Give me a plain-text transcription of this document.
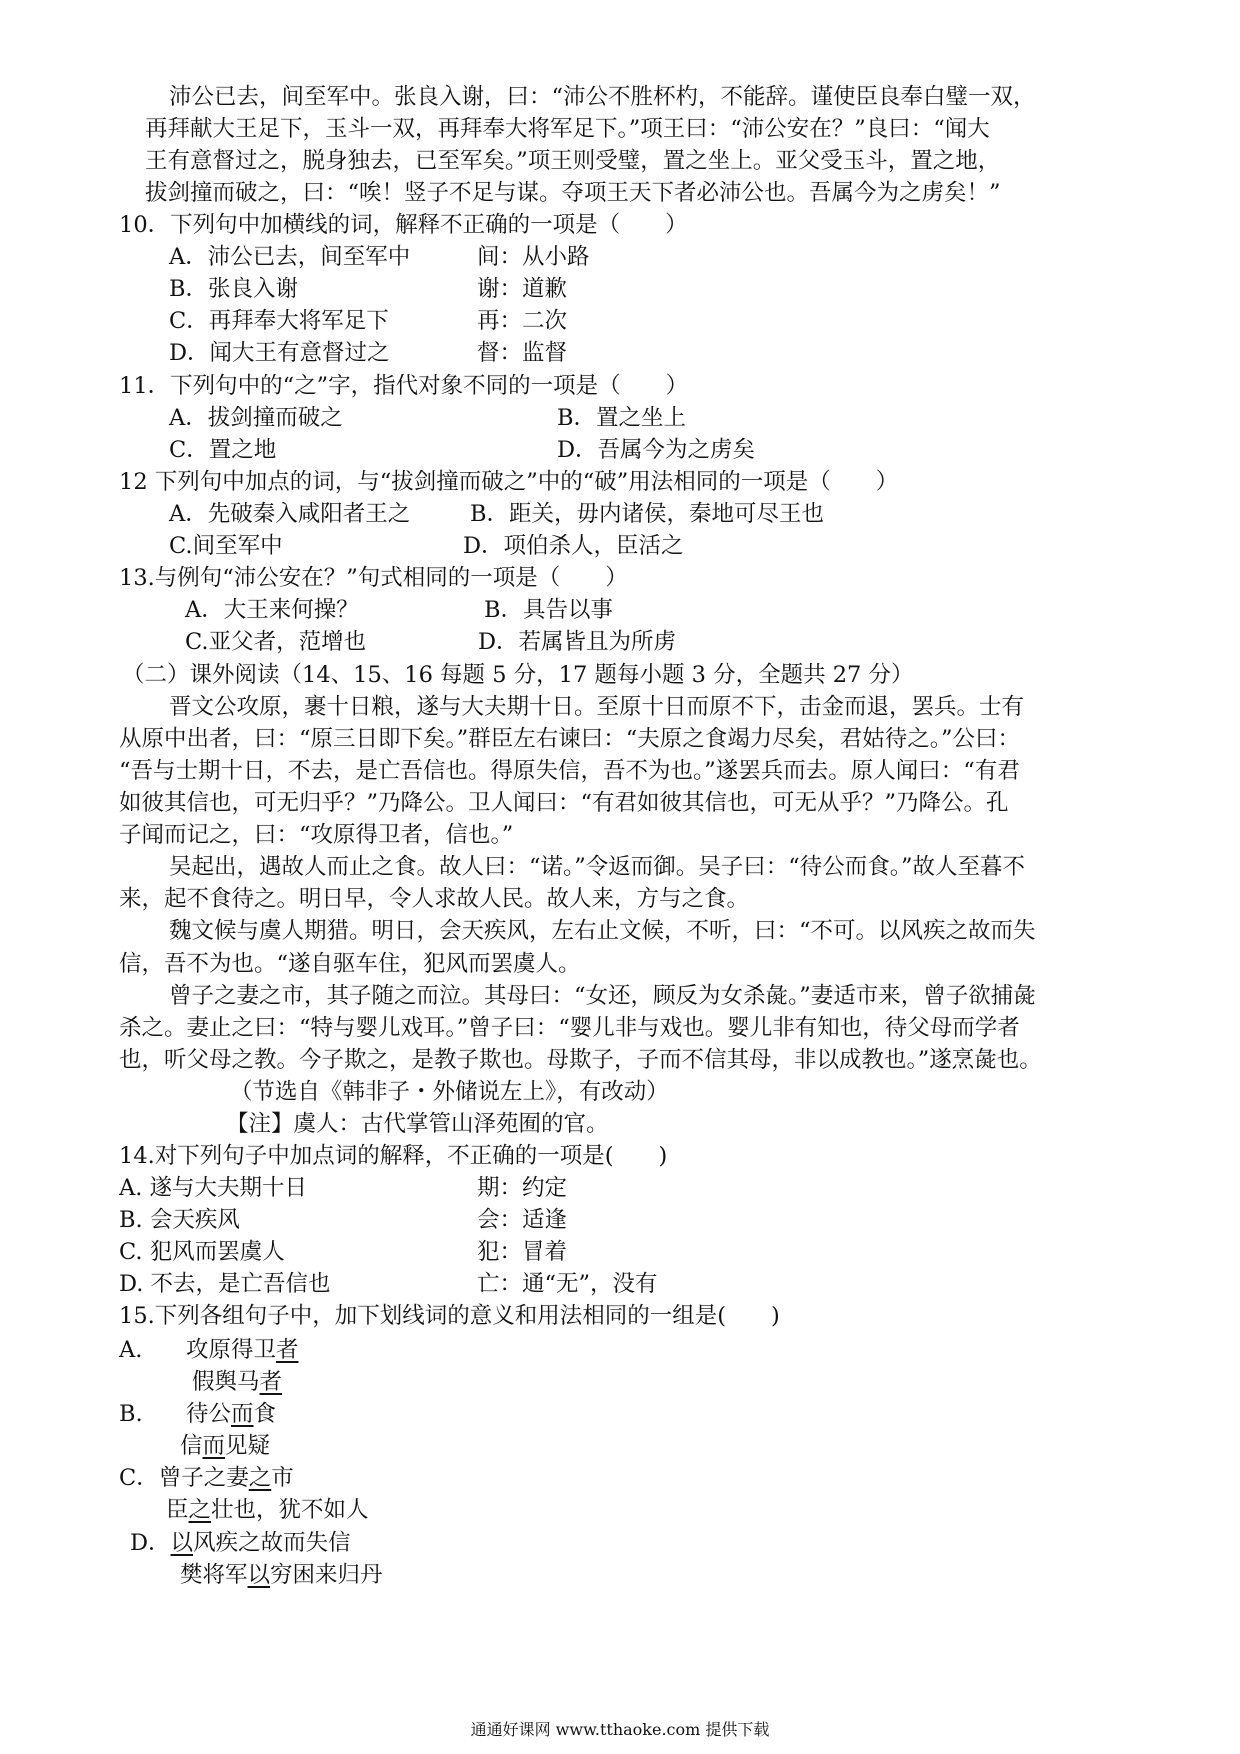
沛公已去，间至军中。张良入谢，曰：“沛公不胜杯杓，不能辞。谨使臣良奉白璧一双，
再拜献大王足下，玉斗一双，再拜奉大将军足下。”项王曰：“沛公安在？”良曰：“闻大
王有意督过之，脱身独去，已至军矣。”项王则受璧，置之坐上。亚父受玉斗，置之地，
拔剑撞而破之，曰：“唉！竖子不足与谋。夺项王天下者必沛公也。吾属今为之虏矣！”
10．下列句中加横线的词，解释不正确的一项是（　　）
A．沛公已去，间至军中	间：从小路
B．张良入谢	谢：道歉
C．再拜奉大将军足下	再：二次
D．闻大王有意督过之	督：监督
11．下列句中的“之”字，指代对象不同的一项是（　　）
A．拔剑撞而破之	B．置之坐上
C．置之地	D．吾属今为之虏矣
12 下列句中加点的词，与“拔剑撞而破之”中的“破”用法相同的一项是（　　）
A．先破秦入咸阳者王之	B．距关，毋内诸侯，秦地可尽王也
C.间至军中	D．项伯杀人，臣活之
13.与例句“沛公安在？”句式相同的一项是（　　）
A．大王来何操？	B．具告以事
C.亚父者，范增也	D．若属皆且为所虏
（二）课外阅读（14、15、16 每题 5 分，17 题每小题 3 分，全题共 27 分）
晋文公攻原，裹十日粮，遂与大夫期十日。至原十日而原不下，击金而退，罢兵。士有
从原中出者，曰：“原三日即下矣。”群臣左右谏曰：“夫原之食竭力尽矣，君姑待之。”公曰：
“吾与士期十日，不去，是亡吾信也。得原失信，吾不为也。”遂罢兵而去。原人闻曰：“有君
如彼其信也，可无归乎？”乃降公。卫人闻曰：“有君如彼其信也，可无从乎？”乃降公。孔
子闻而记之，曰：“攻原得卫者，信也。”
吴起出，遇故人而止之食。故人曰：“诺。”令返而御。吴子曰：“待公而食。”故人至暮不
来，起不食待之。明日早，令人求故人民。故人来，方与之食。
魏文候与虞人期猎。明日，会天疾风，左右止文候，不听，曰：“不可。以风疾之故而失
信，吾不为也。“遂自驱车住，犯风而罢虞人。
曾子之妻之市，其子随之而泣。其母曰：“女还，顾反为女杀彘。”妻适市来，曾子欲捕彘
杀之。妻止之曰：“特与婴儿戏耳。”曾子曰：“婴儿非与戏也。婴儿非有知也，待父母而学者
也，听父母之教。今子欺之，是教子欺也。母欺子，子而不信其母，非以成教也。”遂烹彘也。
（节选自《韩非子・外储说左上》，有改动）
【注】虞人：古代掌管山泽苑囿的官。
14.对下列句子中加点词的解释，不正确的一项是(　　)
A. 遂与大夫期十日	期：约定
B. 会天疾风	会：适逢
C. 犯风而罢虞人	犯：冒着
D. 不去，是亡吾信也	亡：通“无”，没有
15.下列各组句子中，加下划线词的意义和用法相同的一组是(　　)
A. 攻原得卫者
假舆马者
B. 待公而食
信而见疑
C．曾子之妻之市
臣之壮也，犹不如人
D．以风疾之故而失信
樊将军以穷困来归丹
通通好课网 www.tthaoke.com 提供下载
